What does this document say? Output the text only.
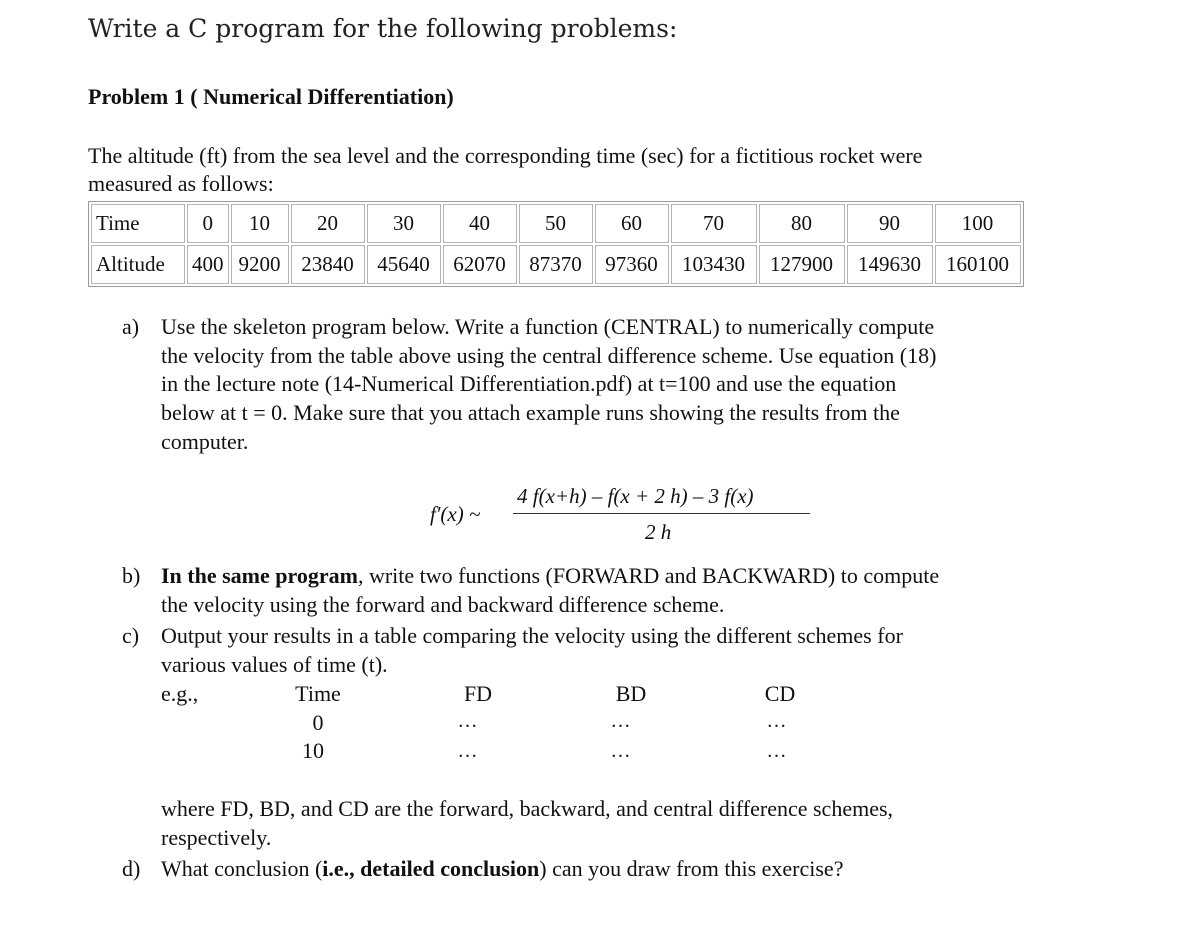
Write a C program for the following problems:
Problem 1 ( Numerical Differentiation)
The altitude (ft) from the sea level and the corresponding time (sec) for a fictitious rocket were
measured as follows:
Time	0	10	20	30	40	50	60	70	80	90	100
Altitude	400	9200	23840	45640	62070	87370	97360	103430	127900	149630	160100
a) Use the skeleton program below. Write a function (CENTRAL) to numerically compute
the velocity from the table above using the central difference scheme. Use equation (18)
in the lecture note (14-Numerical Differentiation.pdf) at t=100 and use the equation
below at t = 0. Make sure that you attach example runs showing the results from the
computer.
f′(x) ~
4 f(x+h) – f(x + 2 h) – 3 f(x)
2 h
b) In the same program, write two functions (FORWARD and BACKWARD) to compute
the velocity using the forward and backward difference scheme.
c) Output your results in a table comparing the velocity using the different schemes for
various values of time (t).
e.g.,	Time	FD	BD	CD
0	…	…	…
10	…	…	…
where FD, BD, and CD are the forward, backward, and central difference schemes,
respectively.
d) What conclusion (i.e., detailed conclusion) can you draw from this exercise?
